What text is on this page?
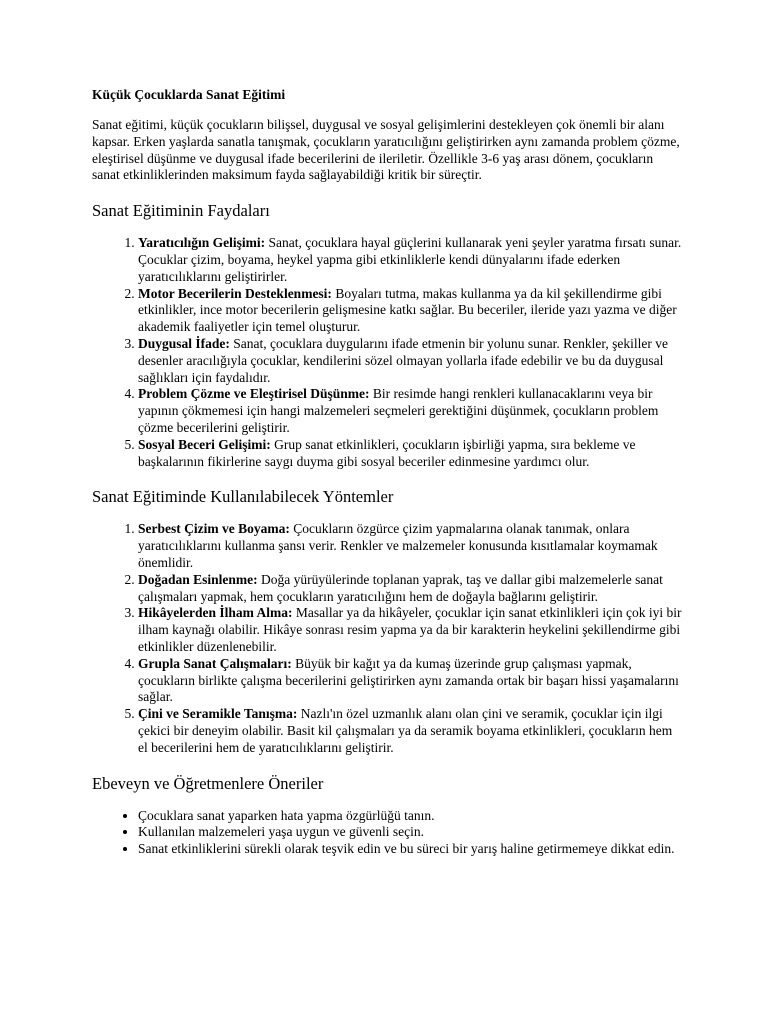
Küçük Çocuklarda Sanat Eğitimi

Sanat eğitimi, küçük çocukların bilişsel, duygusal ve sosyal gelişimlerini destekleyen çok önemli bir alanı kapsar. Erken yaşlarda sanatla tanışmak, çocukların yaratıcılığını geliştirirken aynı zamanda problem çözme, eleştirisel düşünme ve duygusal ifade becerilerini de ileriletir. Özellikle 3-6 yaş arası dönem, çocukların sanat etkinliklerinden maksimum fayda sağlayabildiği kritik bir süreçtir.

Sanat Eğitiminin Faydaları
1. Yaratıcılığın Gelişimi: Sanat, çocuklara hayal güçlerini kullanarak yeni şeyler yaratma fırsatı sunar. Çocuklar çizim, boyama, heykel yapma gibi etkinliklerle kendi dünyalarını ifade ederken yaratıcılıklarını geliştirirler.
2. Motor Becerilerin Desteklenmesi: Boyaları tutma, makas kullanma ya da kil şekillendirme gibi etkinlikler, ince motor becerilerin gelişmesine katkı sağlar. Bu beceriler, ileride yazı yazma ve diğer akademik faaliyetler için temel oluşturur.
3. Duygusal İfade: Sanat, çocuklara duygularını ifade etmenin bir yolunu sunar. Renkler, şekiller ve desenler aracılığıyla çocuklar, kendilerini sözel olmayan yollarla ifade edebilir ve bu da duygusal sağlıkları için faydalıdır.
4. Problem Çözme ve Eleştirisel Düşünme: Bir resimde hangi renkleri kullanacaklarını veya bir yapının çökmemesi için hangi malzemeleri seçmeleri gerektiğini düşünmek, çocukların problem çözme becerilerini geliştirir.
5. Sosyal Beceri Gelişimi: Grup sanat etkinlikleri, çocukların işbirliği yapma, sıra bekleme ve başkalarının fikirlerine saygı duyma gibi sosyal beceriler edinmesine yardımcı olur.
Sanat Eğitiminde Kullanılabilecek Yöntemler
1. Serbest Çizim ve Boyama: Çocukların özgürce çizim yapmalarına olanak tanımak, onlara yaratıcılıklarını kullanma şansı verir. Renkler ve malzemeler konusunda kısıtlamalar koymamak önemlidir.
2. Doğadan Esinlenme: Doğa yürüyülerinde toplanan yaprak, taş ve dallar gibi malzemelerle sanat çalışmaları yapmak, hem çocukların yaratıcılığını hem de doğayla bağlarını geliştirir.
3. Hikâyelerden İlham Alma: Masallar ya da hikâyeler, çocuklar için sanat etkinlikleri için çok iyi bir ilham kaynağı olabilir. Hikâye sonrası resim yapma ya da bir karakterin heykelini şekillendirme gibi etkinlikler düzenlenebilir.
4. Grupla Sanat Çalışmaları: Büyük bir kağıt ya da kumaş üzerinde grup çalışması yapmak, çocukların birlikte çalışma becerilerini geliştirirken aynı zamanda ortak bir başarı hissi yaşamalarını sağlar.
5. Çini ve Seramikle Tanışma: Nazlı'ın özel uzmanlık alanı olan çini ve seramik, çocuklar için ilgi çekici bir deneyim olabilir. Basit kil çalışmaları ya da seramik boyama etkinlikleri, çocukların hem el becerilerini hem de yaratıcılıklarını geliştirir.
Ebeveyn ve Öğretmenlere Öneriler
• Çocuklara sanat yaparken hata yapma özgürlüğü tanın.
• Kullanılan malzemeleri yaşa uygun ve güvenli seçin.
• Sanat etkinliklerini sürekli olarak teşvik edin ve bu süreci bir yarış haline getirmemeye dikkat edin.
